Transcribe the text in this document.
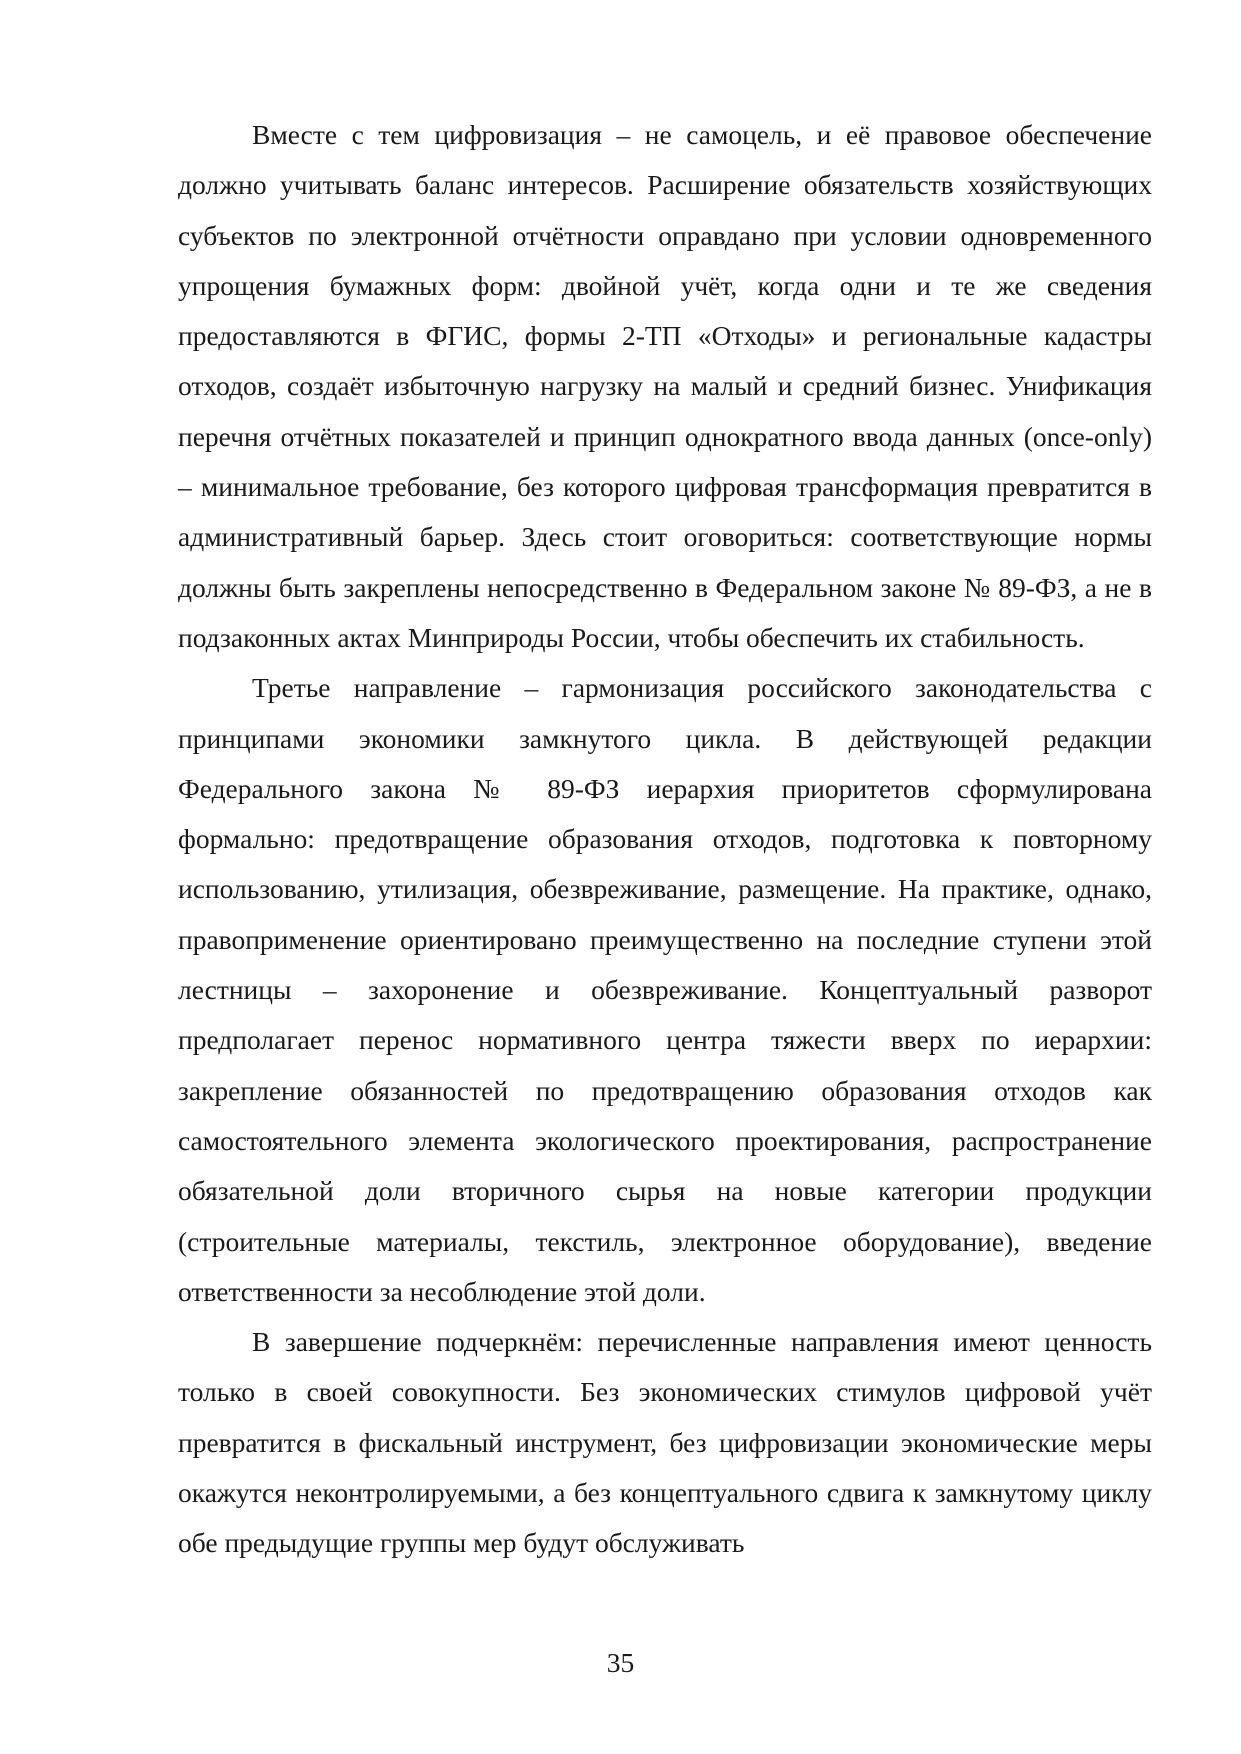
Вместе с тем цифровизация – не самоцель, и её правовое обеспечение должно учитывать баланс интересов. Расширение обязательств хозяйствующих субъектов по электронной отчётности оправдано при условии одновременного упрощения бумажных форм: двойной учёт, когда одни и те же сведения предоставляются в ФГИС, формы 2-ТП «Отходы» и региональные кадастры отходов, создаёт избыточную нагрузку на малый и средний бизнес. Унификация перечня отчётных показателей и принцип однократного ввода данных (once-only) – минимальное требование, без которого цифровая трансформация превратится в административный барьер. Здесь стоит оговориться: соответствующие нормы должны быть закреплены непосредственно в Федеральном законе № 89-ФЗ, а не в подзаконных актах Минприроды России, чтобы обеспечить их стабильность.

Третье направление – гармонизация российского законодательства с принципами экономики замкнутого цикла. В действующей редакции Федерального закона № 89-ФЗ иерархия приоритетов сформулирована формально: предотвращение образования отходов, подготовка к повторному использованию, утилизация, обезвреживание, размещение. На практике, однако, правоприменение ориентировано преимущественно на последние ступени этой лестницы – захоронение и обезвреживание. Концептуальный разворот предполагает перенос нормативного центра тяжести вверх по иерархии: закрепление обязанностей по предотвращению образования отходов как самостоятельного элемента экологического проектирования, распространение обязательной доли вторичного сырья на новые категории продукции (строительные материалы, текстиль, электронное оборудование), введение ответственности за несоблюдение этой доли.

В завершение подчеркнём: перечисленные направления имеют ценность только в своей совокупности. Без экономических стимулов цифровой учёт превратится в фискальный инструмент, без цифровизации экономические меры окажутся неконтролируемыми, а без концептуального сдвига к замкнутому циклу обе предыдущие группы мер будут обслуживать

35
